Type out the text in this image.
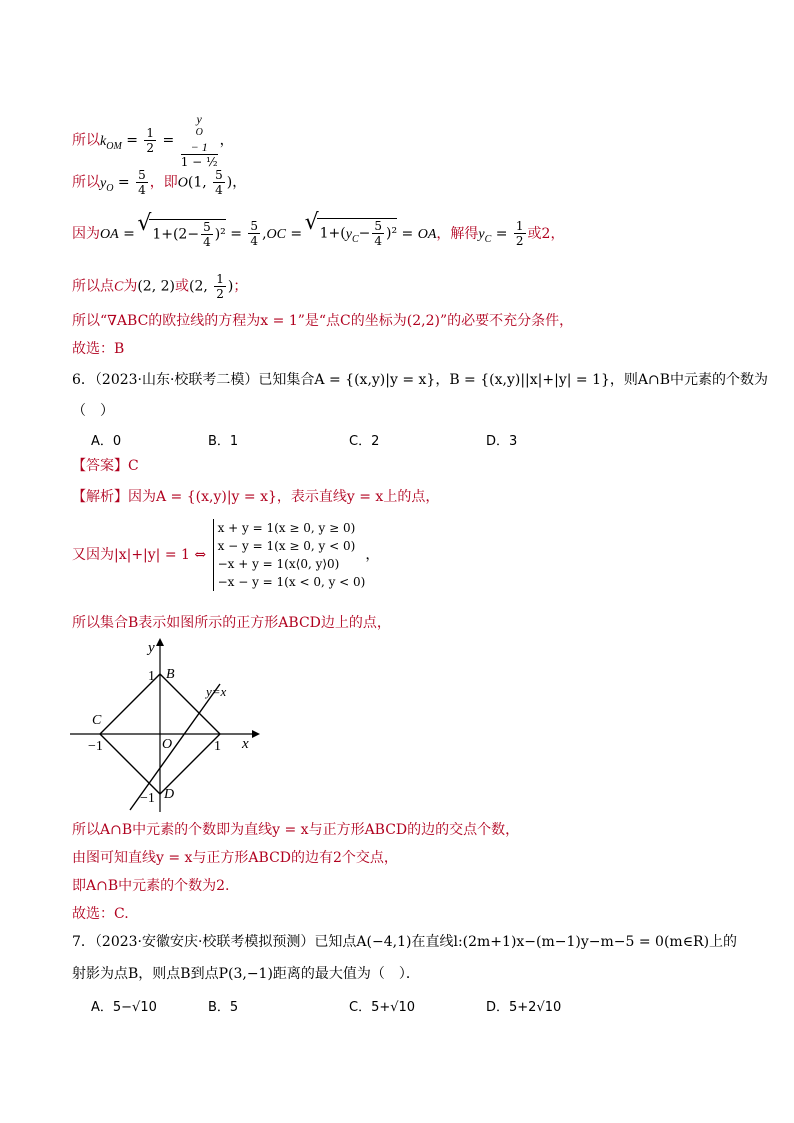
所以$k_{OM} = \frac{1}{2} = y$
O
− 1
1 − ½ ，
所以$y_O = \frac{5}{4}$ ，即O(1, $\frac{5}{4}$ )，
因为OA = √ $1+(2- \frac{5}{4} )^2 = \frac{5}{4} ,OC$ = √ $1+(y_C- \frac{5}{4} )^2$ = OA，解得$y_C = \frac{1}{2}$ 或2，
所以点C为(2, 2)或(2, $\frac{1}{2}$ )；
所以“∇ABC的欧拉线的方程为x = 1”是“点C的坐标为(2,2)”的必要不充分条件，
故选：B
6．（2023·山东·校联考二模）已知集合A = {(x,y)|y = x}，B = {(x,y)||x|+|y| = 1}，则A∩B中元素的个数为
（　）
A．0	B．1	C．2	D．3
【答案】C
【解析】因为A = {(x,y)|y = x}，表示直线y = x上的点，
又因为|x|+|y| = 1 ⇔
x + y = 1(x ≥ 0, y ≥ 0)
x − y = 1(x ≥ 0, y < 0)
−x + y = 1(x⟨0, y⟩0)
−x − y = 1(x < 0, y < 0)
，
所以集合B表示如图所示的正方形ABCD边上的点，
y
x
O
B
C
D
1
1
−1
−1
y=x
所以A∩B中元素的个数即为直线y = x与正方形ABCD的边的交点个数，
由图可知直线y = x与正方形ABCD的边有2个交点，
即A∩B中元素的个数为2.
故选：C.
7．（2023·安徽安庆·校联考模拟预测）已知点A(−4,1)在直线l:(2m+1)x−(m−1)y−m−5 = 0(m∈R)上的
射影为点B，则点B到点P(3,−1)距离的最大值为（　）．
A．5−√10	B．5	C．5+√10	D．5+2√10
